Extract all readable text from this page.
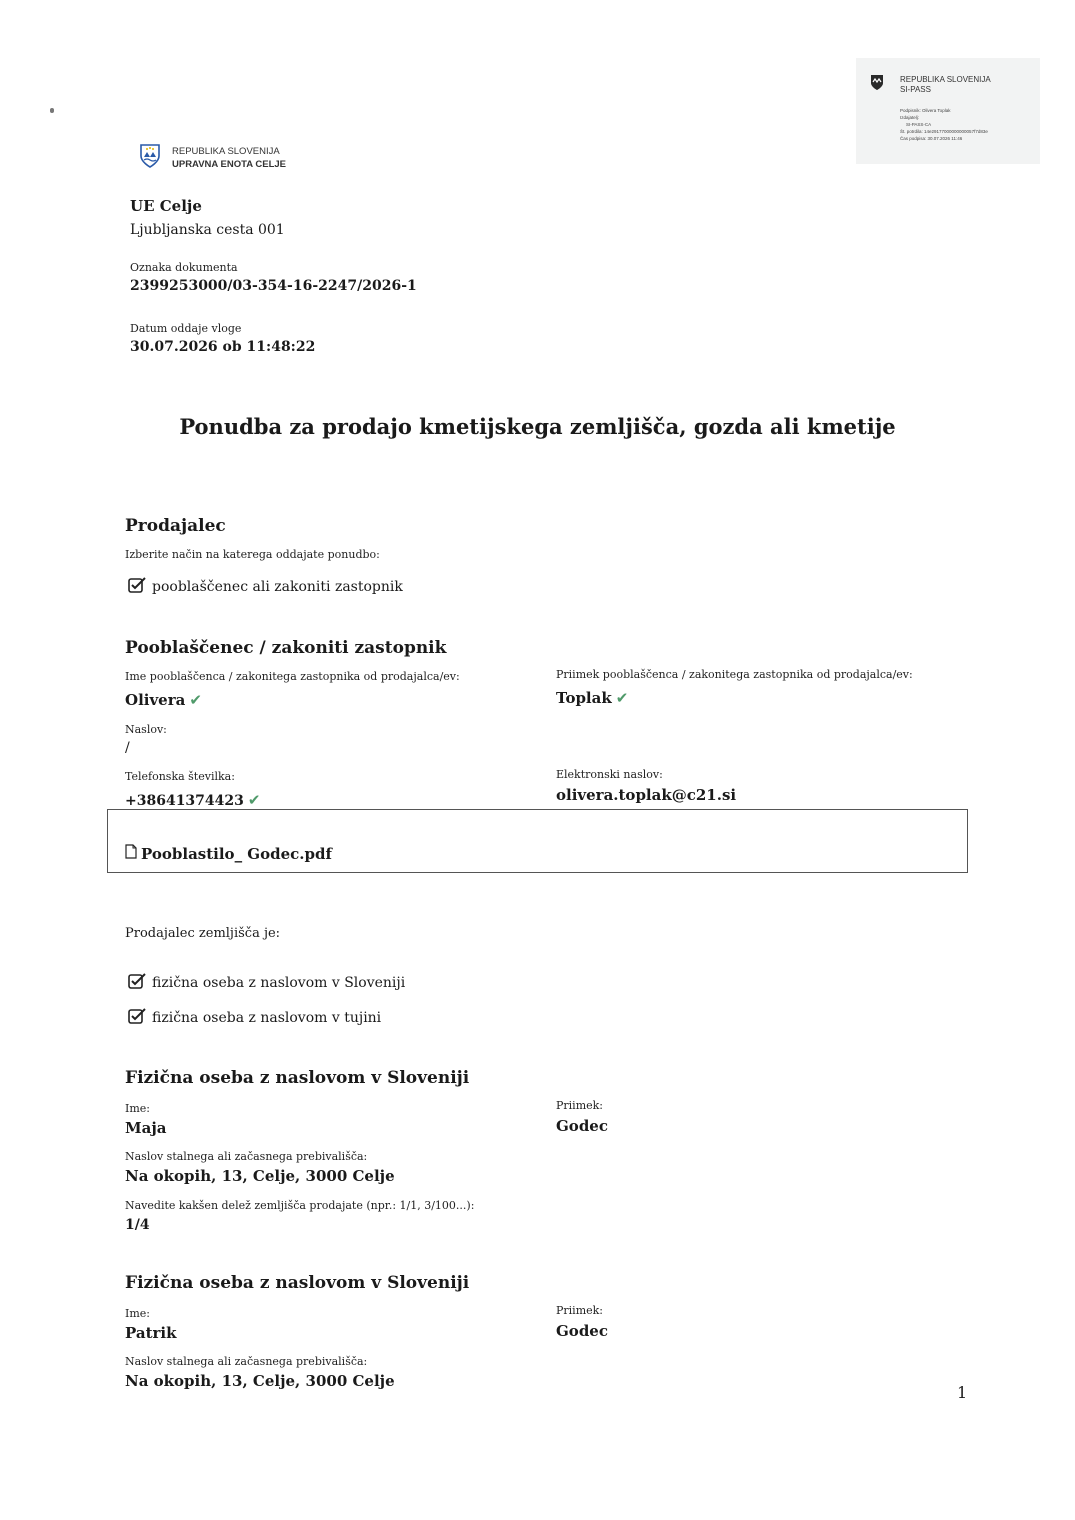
REPUBLIKA SLOVENIJA
SI-PASS
Podpisnik: Olivera Toplak
Izdajatelj:
SI-PASS-CA
Št. potrdila: 14e29177000000000057f7d83e
Čas podpisa: 30.07.2026 11:46
REPUBLIKA SLOVENIJA
UPRAVNA ENOTA CELJE
UE Celje
Ljubljanska cesta 001
Oznaka dokumenta
2399253000/03-354-16-2247/2026-1
Datum oddaje vloge
30.07.2026 ob 11:48:22
Ponudba za prodajo kmetijskega zemljišča, gozda ali kmetije
Prodajalec
Izberite način na katerega oddajate ponudbo:
pooblaščenec ali zakoniti zastopnik
Pooblaščenec / zakoniti zastopnik
Ime pooblaščenca / zakonitega zastopnika od prodajalca/ev:
Olivera ✔
Priimek pooblaščenca / zakonitega zastopnika od prodajalca/ev:
Toplak ✔
Naslov:
/
Telefonska številka:
+38641374423 ✔
Elektronski naslov:
olivera.toplak@c21.si
Pooblastilo_ Godec.pdf
Prodajalec zemljišča je:
fizična oseba z naslovom v Sloveniji
fizična oseba z naslovom v tujini
Fizična oseba z naslovom v Sloveniji
Ime:
Maja
Priimek:
Godec
Naslov stalnega ali začasnega prebivališča:
Na okopih, 13, Celje, 3000 Celje
Navedite kakšen delež zemljišča prodajate (npr.: 1/1, 3/100...):
1/4
Fizična oseba z naslovom v Sloveniji
Ime:
Patrik
Priimek:
Godec
Naslov stalnega ali začasnega prebivališča:
Na okopih, 13, Celje, 3000 Celje
1
